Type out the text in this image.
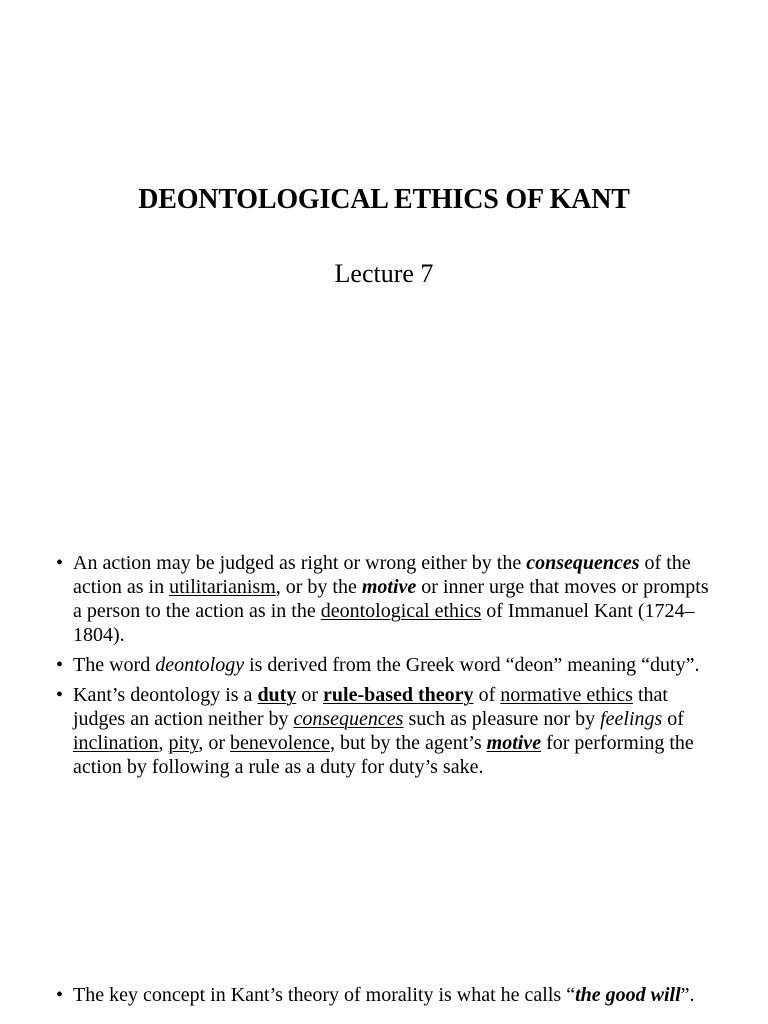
DEONTOLOGICAL ETHICS OF KANT

Lecture 7

• An action may be judged as right or wrong either by the consequences of the action as in utilitarianism, or by the motive or inner urge that moves or prompts a person to the action as in the deontological ethics of Immanuel Kant (1724–1804).
• The word deontology is derived from the Greek word “deon” meaning “duty”.
• Kant’s deontology is a duty or rule-based theory of normative ethics that judges an action neither by consequences such as pleasure nor by feelings of inclination, pity, or benevolence, but by the agent’s motive for performing the action by following a rule as a duty for duty’s sake.
• The key concept in Kant’s theory of morality is what he calls “the good will”.
